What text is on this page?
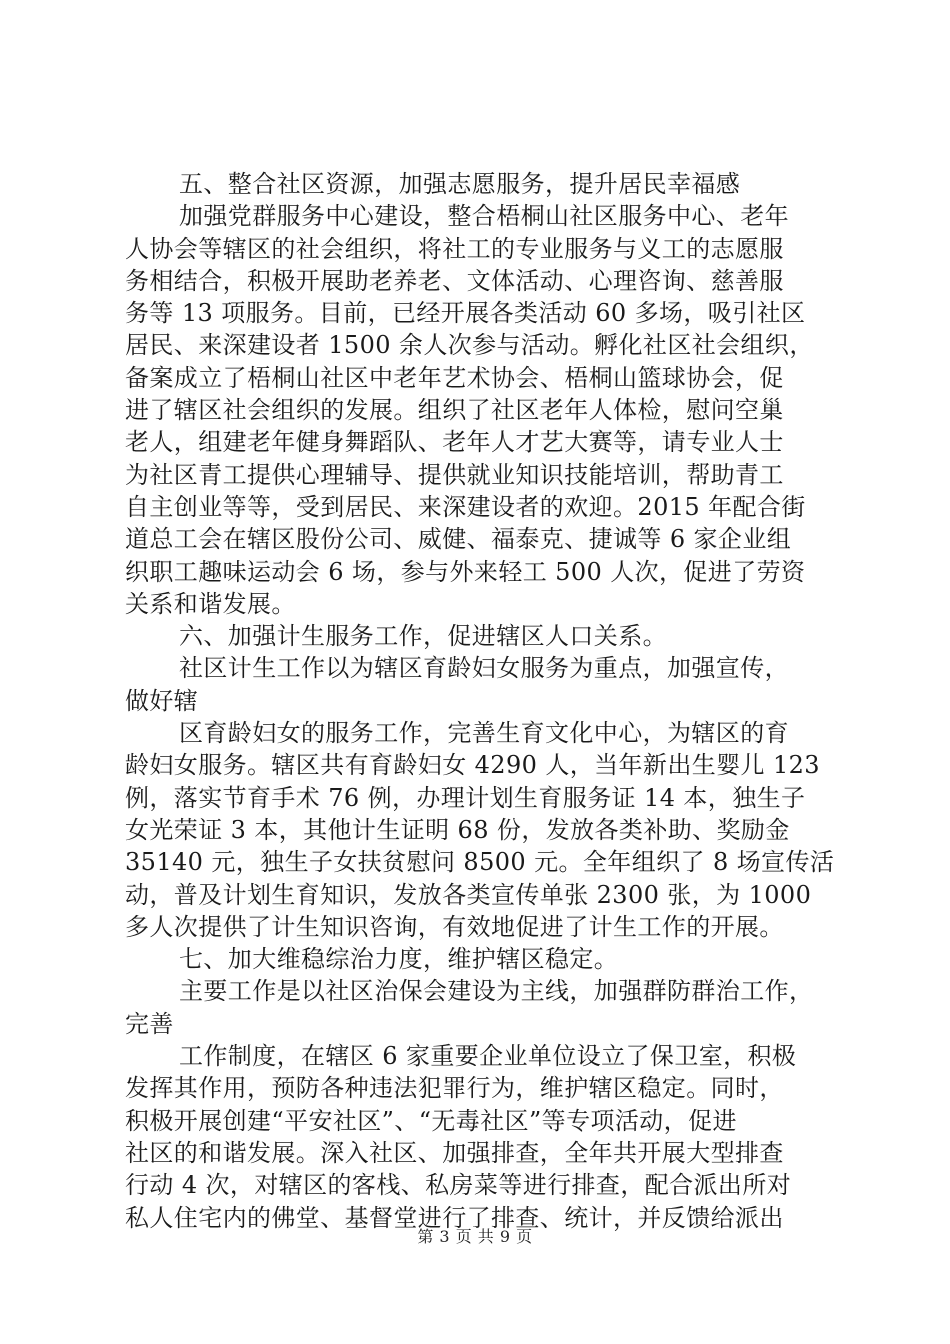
五、整合社区资源，加强志愿服务，提升居民幸福感
加强党群服务中心建设，整合梧桐山社区服务中心、老年
人协会等辖区的社会组织，将社工的专业服务与义工的志愿服
务相结合，积极开展助老养老、文体活动、心理咨询、慈善服
务等 13 项服务。目前，已经开展各类活动 60 多场，吸引社区
居民、来深建设者 1500 余人次参与活动。孵化社区社会组织，
备案成立了梧桐山社区中老年艺术协会、梧桐山篮球协会，促
进了辖区社会组织的发展。组织了社区老年人体检，慰问空巢
老人，组建老年健身舞蹈队、老年人才艺大赛等，请专业人士
为社区青工提供心理辅导、提供就业知识技能培训，帮助青工
自主创业等等，受到居民、来深建设者的欢迎。2015 年配合街
道总工会在辖区股份公司、威健、福泰克、捷诚等 6 家企业组
织职工趣味运动会 6 场，参与外来轻工 500 人次，促进了劳资
关系和谐发展。
六、加强计生服务工作，促进辖区人口关系。
社区计生工作以为辖区育龄妇女服务为重点，加强宣传，
做好辖
区育龄妇女的服务工作，完善生育文化中心，为辖区的育
龄妇女服务。辖区共有育龄妇女 4290 人，当年新出生婴儿 123
例，落实节育手术 76 例，办理计划生育服务证 14 本，独生子
女光荣证 3 本，其他计生证明 68 份，发放各类补助、奖励金
35140 元，独生子女扶贫慰问 8500 元。全年组织了 8 场宣传活
动，普及计划生育知识，发放各类宣传单张 2300 张，为 1000
多人次提供了计生知识咨询，有效地促进了计生工作的开展。
七、加大维稳综治力度，维护辖区稳定。
主要工作是以社区治保会建设为主线，加强群防群治工作，
完善
工作制度，在辖区 6 家重要企业单位设立了保卫室，积极
发挥其作用，预防各种违法犯罪行为，维护辖区稳定。同时，
积极开展创建“平安社区”、“无毒社区”等专项活动，促进
社区的和谐发展。深入社区、加强排查，全年共开展大型排查
行动 4 次，对辖区的客栈、私房菜等进行排查，配合派出所对
私人住宅内的佛堂、基督堂进行了排查、统计，并反馈给派出
第 3 页 共 9 页
